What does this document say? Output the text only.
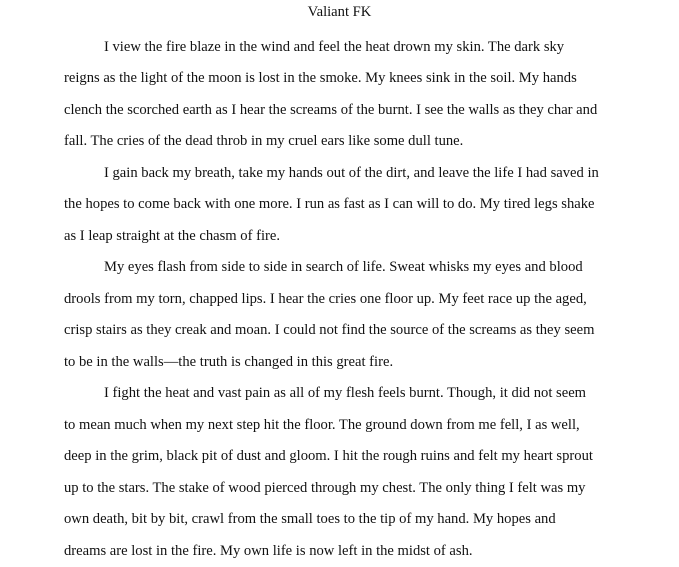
Valiant FK

I view the fire blaze in the wind and feel the heat drown my skin. The dark sky reigns as the light of the moon is lost in the smoke. My knees sink in the soil. My hands clench the scorched earth as I hear the screams of the burnt. I see the walls as they char and fall. The cries of the dead throb in my cruel ears like some dull tune.

I gain back my breath, take my hands out of the dirt, and leave the life I had saved in the hopes to come back with one more. I run as fast as I can will to do. My tired legs shake as I leap straight at the chasm of fire.

My eyes flash from side to side in search of life. Sweat whisks my eyes and blood drools from my torn, chapped lips. I hear the cries one floor up. My feet race up the aged, crisp stairs as they creak and moan. I could not find the source of the screams as they seem to be in the walls—the truth is changed in this great fire.

I fight the heat and vast pain as all of my flesh feels burnt. Though, it did not seem to mean much when my next step hit the floor. The ground down from me fell, I as well, deep in the grim, black pit of dust and gloom. I hit the rough ruins and felt my heart sprout up to the stars. The stake of wood pierced through my chest. The only thing I felt was my own death, bit by bit, crawl from the small toes to the tip of my hand. My hopes and dreams are lost in the fire. My own life is now left in the midst of ash.
